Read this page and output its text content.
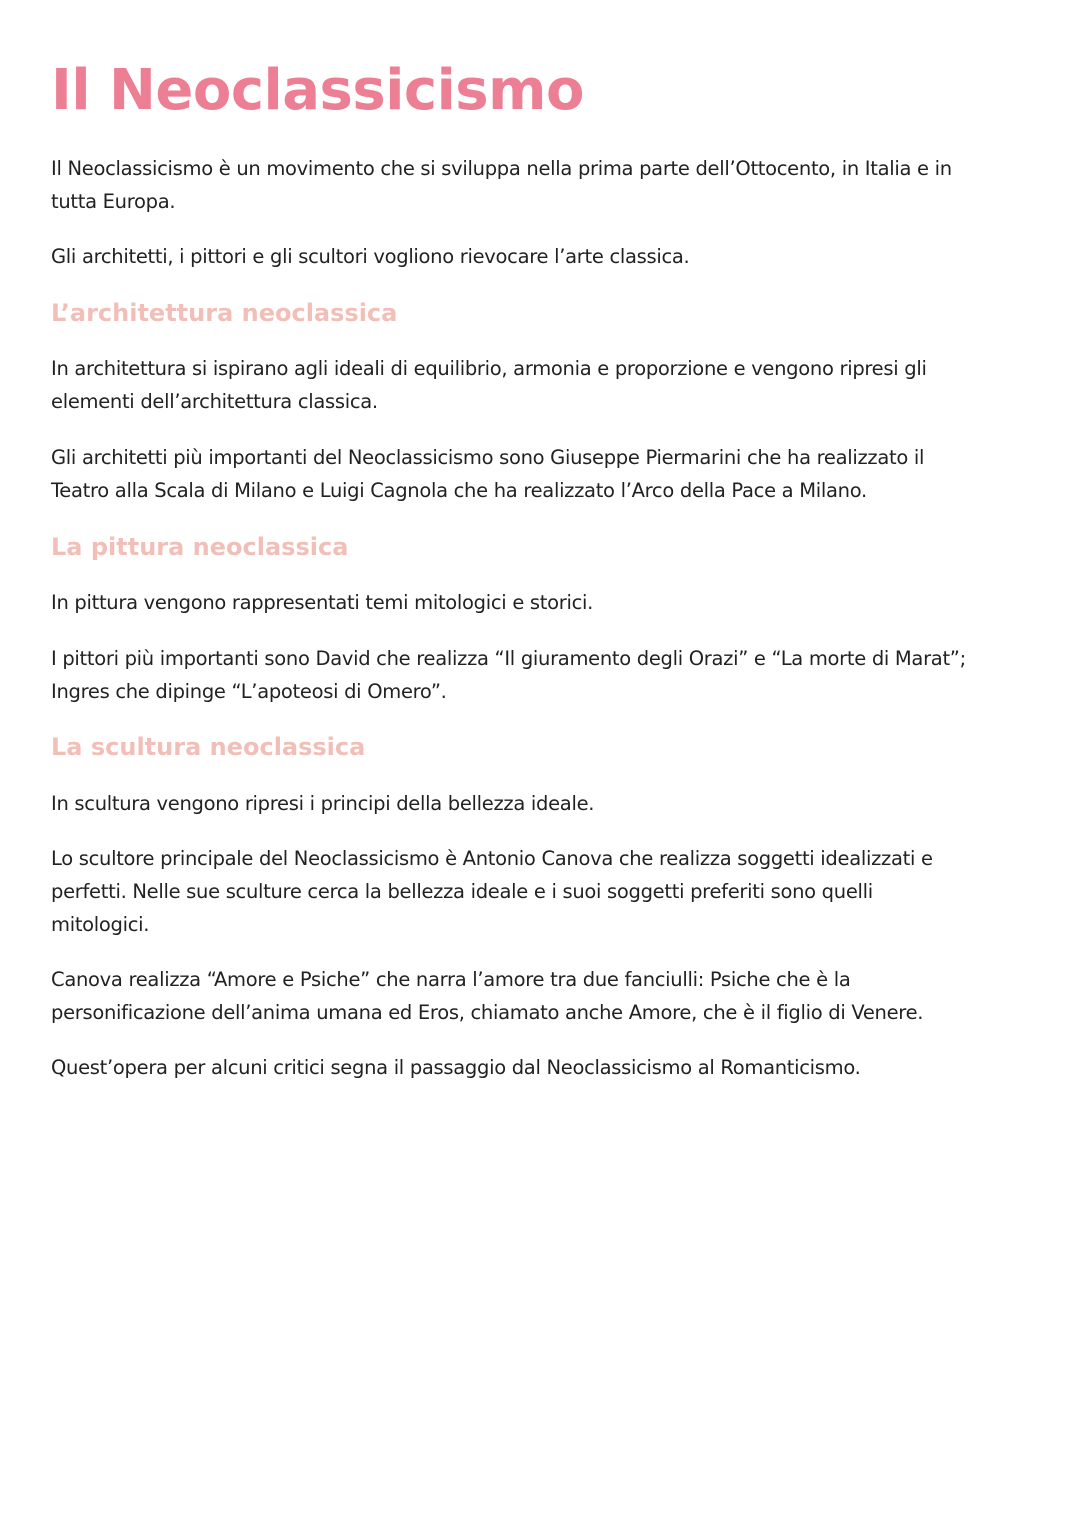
Il Neoclassicismo

Il Neoclassicismo è un movimento che si sviluppa nella prima parte dell’Ottocento, in Italia e in
tutta Europa.

Gli architetti, i pittori e gli scultori vogliono rievocare l’arte classica.

L’architettura neoclassica

In architettura si ispirano agli ideali di equilibrio, armonia e proporzione e vengono ripresi gli
elementi dell’architettura classica.

Gli architetti più importanti del Neoclassicismo sono Giuseppe Piermarini che ha realizzato il
Teatro alla Scala di Milano e Luigi Cagnola che ha realizzato l’Arco della Pace a Milano.

La pittura neoclassica

In pittura vengono rappresentati temi mitologici e storici.

I pittori più importanti sono David che realizza “Il giuramento degli Orazi” e “La morte di Marat”;
Ingres che dipinge “L’apoteosi di Omero”.

La scultura neoclassica

In scultura vengono ripresi i principi della bellezza ideale.

Lo scultore principale del Neoclassicismo è Antonio Canova che realizza soggetti idealizzati e
perfetti. Nelle sue sculture cerca la bellezza ideale e i suoi soggetti preferiti sono quelli
mitologici.

Canova realizza “Amore e Psiche” che narra l’amore tra due fanciulli: Psiche che è la
personificazione dell’anima umana ed Eros, chiamato anche Amore, che è il figlio di Venere.

Quest’opera per alcuni critici segna il passaggio dal Neoclassicismo al Romanticismo.
